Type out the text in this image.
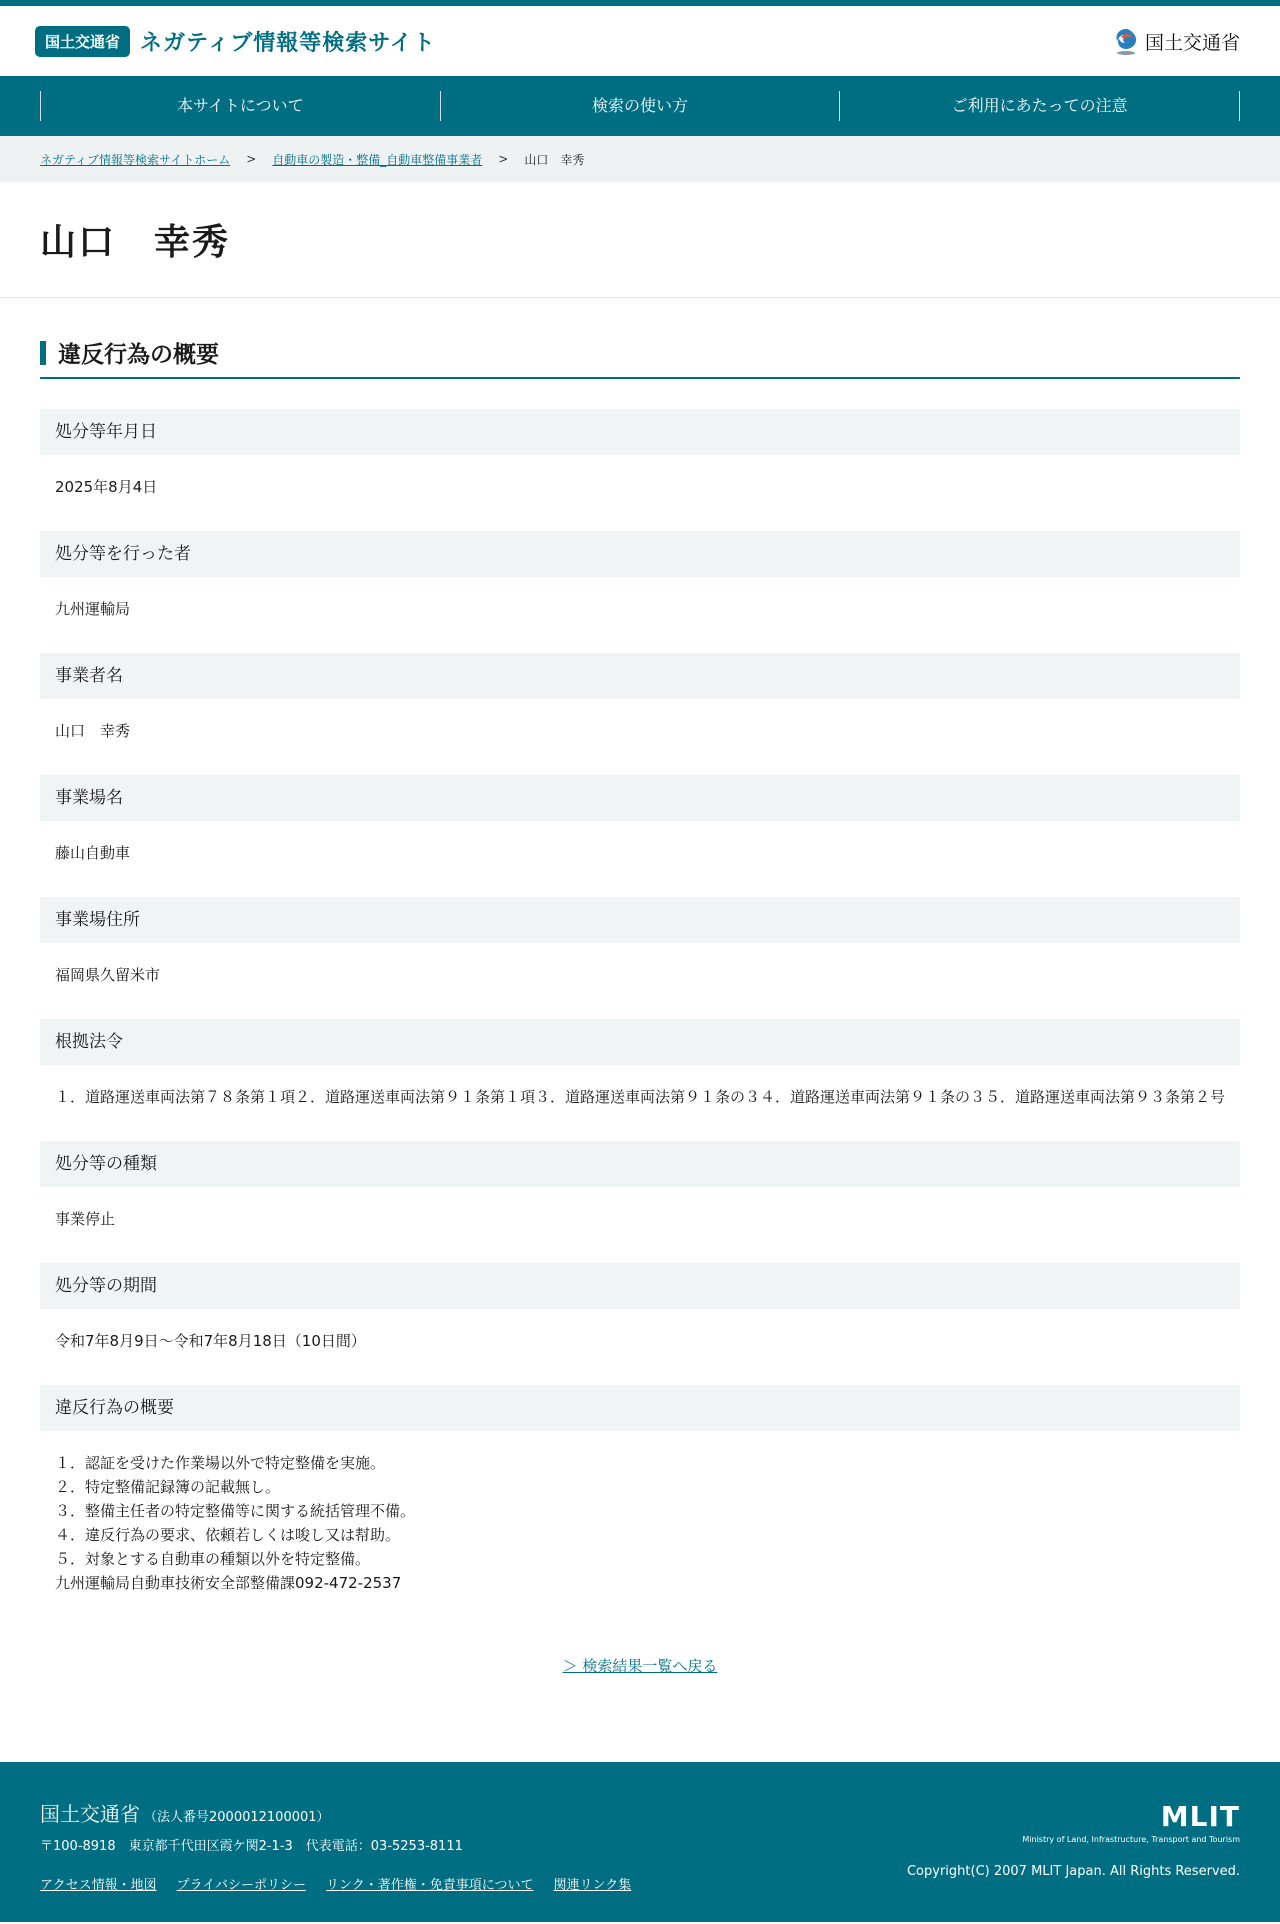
国土交通省 ネガティブ情報等検索サイト	国土交通省
本サイトについて	検索の使い方	ご利用にあたっての注意
ネガティブ情報等検索サイトホーム > 自動車の製造・整備_自動車整備事業者 > 山口　幸秀
山口　幸秀
違反行為の概要
処分等年月日
2025年8月4日
処分等を行った者
九州運輸局
事業者名
山口　幸秀
事業場名
藤山自動車
事業場住所
福岡県久留米市
根拠法令
１．道路運送車両法第７８条第１項２．道路運送車両法第９１条第１項３．道路運送車両法第９１条の３４．道路運送車両法第９１条の３５．道路運送車両法第９３条第２号
処分等の種類
事業停止
処分等の期間
令和7年8月9日～令和7年8月18日（10日間）
違反行為の概要
１．認証を受けた作業場以外で特定整備を実施。
２．特定整備記録簿の記載無し。
３．整備主任者の特定整備等に関する統括管理不備。
４．違反行為の要求、依頼若しくは唆し又は幇助。
５．対象とする自動車の種類以外を特定整備。
九州運輸局自動車技術安全部整備課092-472-2537
＞ 検索結果一覧へ戻る
国土交通省 （法人番号2000012100001）
〒100-8918　東京都千代田区霞ケ関2-1-3　代表電話：03-5253-8111
アクセス情報・地図 プライバシーポリシー リンク・著作権・免責事項について 関連リンク集
MLIT
Ministry of Land, Infrastructure, Transport and Tourism
Copyright(C) 2007 MLIT Japan. All Rights Reserved.
